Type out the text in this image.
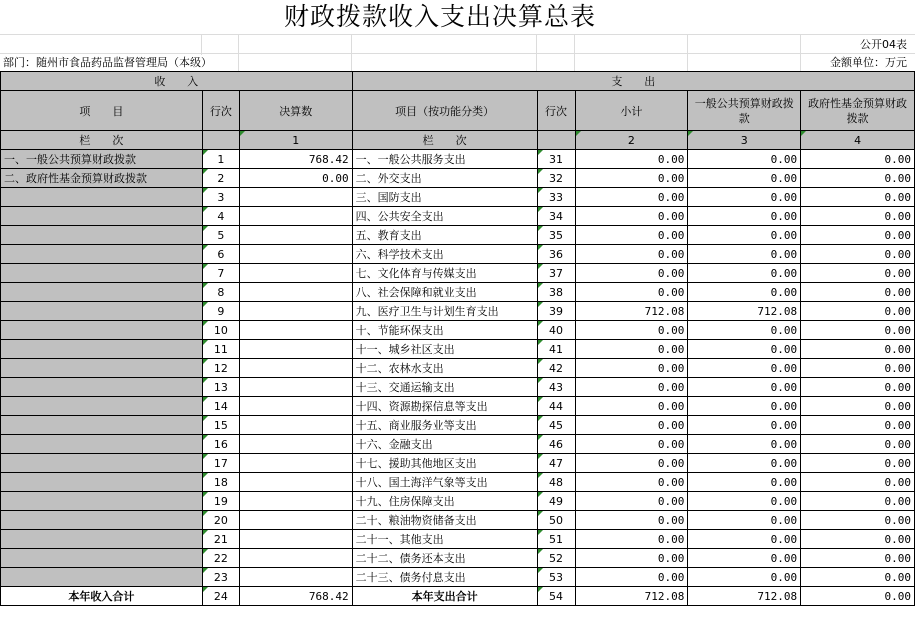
财政拨款收入支出决算总表
公开04表
部门：随州市食品药品监督管理局（本级）	金额单位：万元
收　　入			支　　出				
项　　目	行次	决算数	项目（按功能分类）	行次	小计	一般公共预算财政拨款	政府性基金预算财政拨款
栏　　次		1	栏　　次		2	3	4
一、一般公共预算财政拨款	1	768.42	一、一般公共服务支出	31	0.00	0.00	0.00
二、政府性基金预算财政拨款	2	0.00	二、外交支出	32	0.00	0.00	0.00
	3		三、国防支出	33	0.00	0.00	0.00
	4		四、公共安全支出	34	0.00	0.00	0.00
	5		五、教育支出	35	0.00	0.00	0.00
	6		六、科学技术支出	36	0.00	0.00	0.00
	7		七、文化体育与传媒支出	37	0.00	0.00	0.00
	8		八、社会保障和就业支出	38	0.00	0.00	0.00
	9		九、医疗卫生与计划生育支出	39	712.08	712.08	0.00
	10		十、节能环保支出	40	0.00	0.00	0.00
	11		十一、城乡社区支出	41	0.00	0.00	0.00
	12		十二、农林水支出	42	0.00	0.00	0.00
	13		十三、交通运输支出	43	0.00	0.00	0.00
	14		十四、资源勘探信息等支出	44	0.00	0.00	0.00
	15		十五、商业服务业等支出	45	0.00	0.00	0.00
	16		十六、金融支出	46	0.00	0.00	0.00
	17		十七、援助其他地区支出	47	0.00	0.00	0.00
	18		十八、国土海洋气象等支出	48	0.00	0.00	0.00
	19		十九、住房保障支出	49	0.00	0.00	0.00
	20		二十、粮油物资储备支出	50	0.00	0.00	0.00
	21		二十一、其他支出	51	0.00	0.00	0.00
	22		二十二、债务还本支出	52	0.00	0.00	0.00
	23		二十三、债务付息支出	53	0.00	0.00	0.00
本年收入合计	24	768.42	本年支出合计	54	712.08	712.08	0.00
